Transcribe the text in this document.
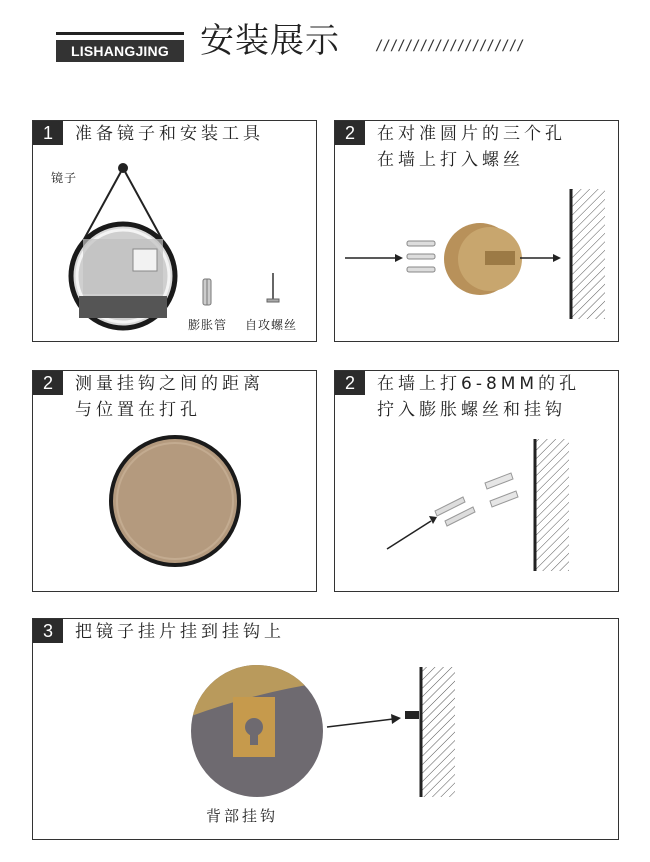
LISHANGJING 安装展示	////////////////////
1	准备镜子和安装工具
镜子
膨胀管 自攻螺丝
2	在对准圆片的三个孔
在墙上打入螺丝
2	测量挂钩之间的距离
与位置在打孔
2	在墙上打6-8MM的孔
拧入膨胀螺丝和挂钩
3	把镜子挂片挂到挂钩上
背部挂钩
